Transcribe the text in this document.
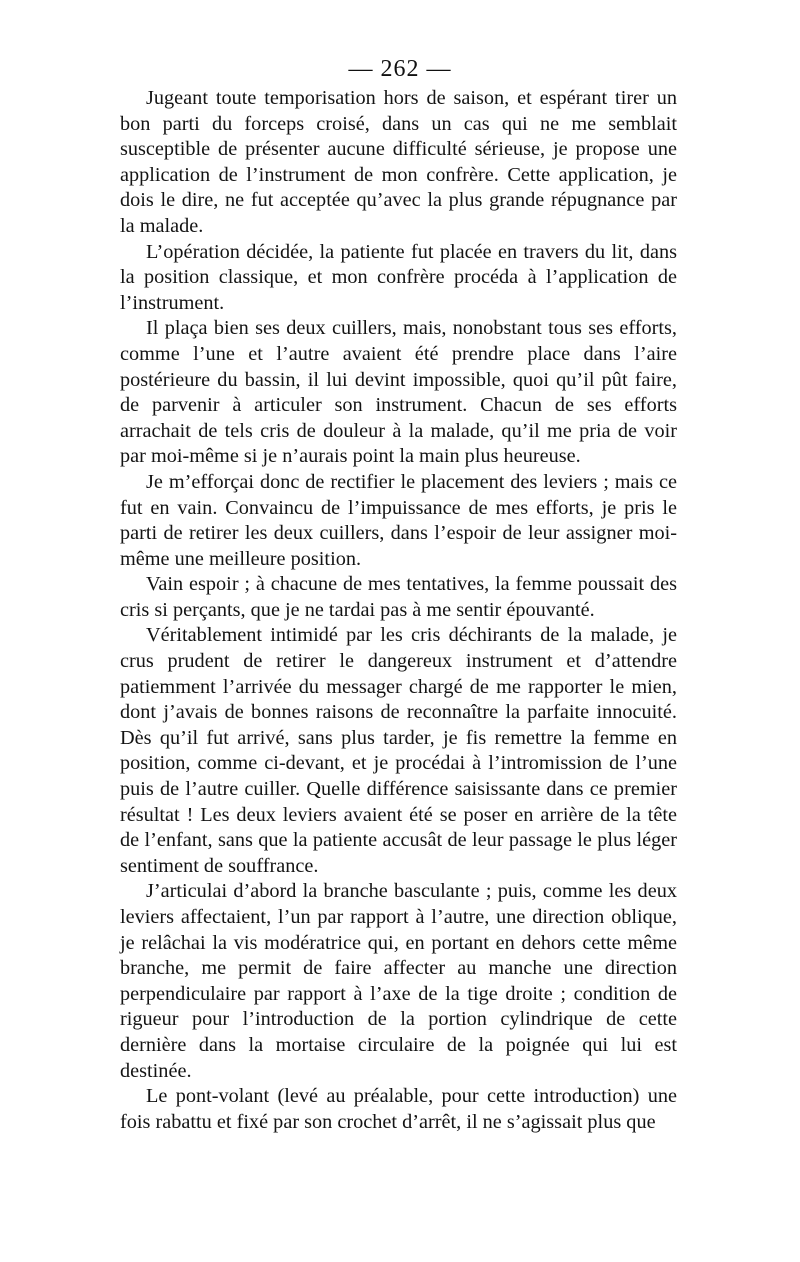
— 262 —

Jugeant toute temporisation hors de saison, et espérant tirer un bon parti du forceps croisé, dans un cas qui ne me semblait susceptible de présenter aucune difficulté sérieuse, je propose une application de l’instrument de mon confrère. Cette application, je dois le dire, ne fut acceptée qu’avec la plus grande répugnance par la malade.

L’opération décidée, la patiente fut placée en travers du lit, dans la position classique, et mon confrère procéda à l’application de l’instrument.

Il plaça bien ses deux cuillers, mais, nonobstant tous ses efforts, comme l’une et l’autre avaient été prendre place dans l’aire postérieure du bassin, il lui devint impossible, quoi qu’il pût faire, de parvenir à articuler son instrument. Chacun de ses efforts arrachait de tels cris de douleur à la malade, qu’il me pria de voir par moi-même si je n’aurais point la main plus heureuse.

Je m’efforçai donc de rectifier le placement des leviers ; mais ce fut en vain. Convaincu de l’impuissance de mes efforts, je pris le parti de retirer les deux cuillers, dans l’espoir de leur assigner moi-même une meilleure position.

Vain espoir ; à chacune de mes tentatives, la femme poussait des cris si perçants, que je ne tardai pas à me sentir épouvanté.

Véritablement intimidé par les cris déchirants de la malade, je crus prudent de retirer le dangereux instrument et d’attendre patiemment l’arrivée du messager chargé de me rapporter le mien, dont j’avais de bonnes raisons de reconnaître la parfaite innocuité. Dès qu’il fut arrivé, sans plus tarder, je fis remettre la femme en position, comme ci-devant, et je procédai à l’intromission de l’une puis de l’autre cuiller. Quelle différence saisissante dans ce premier résultat ! Les deux leviers avaient été se poser en arrière de la tête de l’enfant, sans que la patiente accusât de leur passage le plus léger sentiment de souffrance.

J’articulai d’abord la branche basculante ; puis, comme les deux leviers affectaient, l’un par rapport à l’autre, une direction oblique, je relâchai la vis modératrice qui, en portant en dehors cette même branche, me permit de faire affecter au manche une direction perpendiculaire par rapport à l’axe de la tige droite ; condition de rigueur pour l’introduction de la portion cylindrique de cette dernière dans la mortaise circulaire de la poignée qui lui est destinée.

Le pont-volant (levé au préalable, pour cette introduction) une fois rabattu et fixé par son crochet d’arrêt, il ne s’agissait plus que
